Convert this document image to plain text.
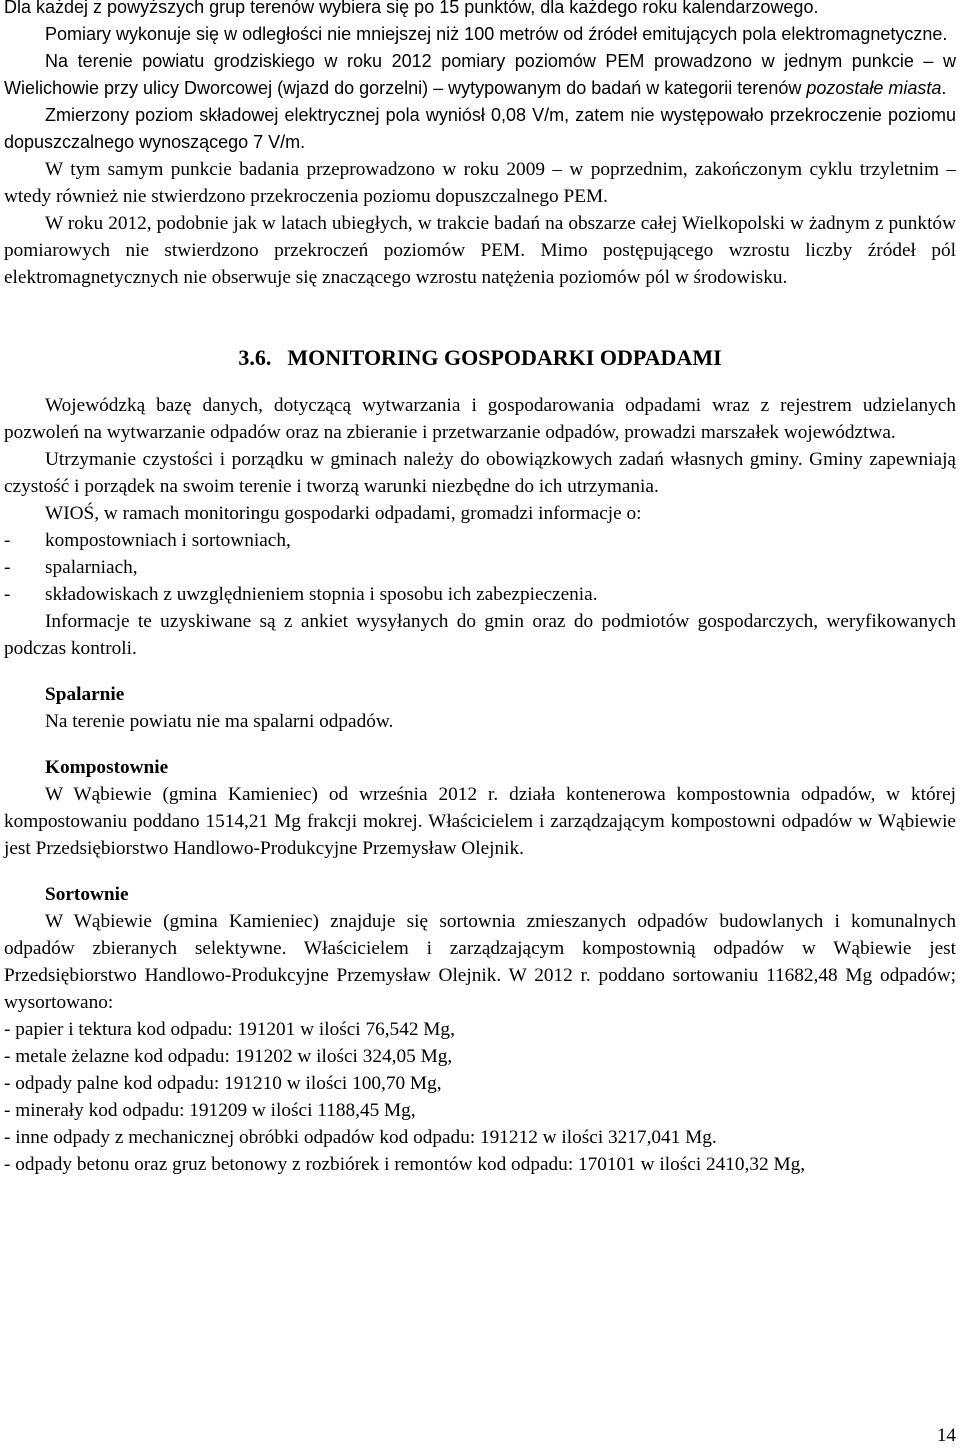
Dla każdej z powyższych grup terenów wybiera się po 15 punktów, dla każdego roku kalendarzowego.

Pomiary wykonuje się w odległości nie mniejszej niż 100 metrów od źródeł emitujących pola elektromagnetyczne.

Na terenie powiatu grodziskiego w roku 2012 pomiary poziomów PEM prowadzono w jednym punkcie – w Wielichowie przy ulicy Dworcowej (wjazd do gorzelni) – wytypowanym do badań w kategorii terenów pozostałe miasta.

Zmierzony poziom składowej elektrycznej pola wyniósł 0,08 V/m, zatem nie występowało przekroczenie poziomu dopuszczalnego wynoszącego 7 V/m.

W tym samym punkcie badania przeprowadzono w roku 2009 – w poprzednim, zakończonym cyklu trzyletnim – wtedy również nie stwierdzono przekroczenia poziomu dopuszczalnego PEM.

W roku 2012, podobnie jak w latach ubiegłych, w trakcie badań na obszarze całej Wielkopolski w żadnym z punktów pomiarowych nie stwierdzono przekroczeń poziomów PEM. Mimo postępującego wzrostu liczby źródeł pól elektromagnetycznych nie obserwuje się znaczącego wzrostu natężenia poziomów pól w środowisku.

3.6. MONITORING GOSPODARKI ODPADAMI

Wojewódzką bazę danych, dotyczącą wytwarzania i gospodarowania odpadami wraz z rejestrem udzielanych pozwoleń na wytwarzanie odpadów oraz na zbieranie i przetwarzanie odpadów, prowadzi marszałek województwa.

Utrzymanie czystości i porządku w gminach należy do obowiązkowych zadań własnych gminy. Gminy zapewniają czystość i porządek na swoim terenie i tworzą warunki niezbędne do ich utrzymania.

WIOŚ, w ramach monitoringu gospodarki odpadami, gromadzi informacje o:

-	kompostowniach i sortowniach,
-	spalarniach,
-	składowiskach z uwzględnieniem stopnia i sposobu ich zabezpieczenia.

Informacje te uzyskiwane są z ankiet wysyłanych do gmin oraz do podmiotów gospodarczych, weryfikowanych podczas kontroli.

Spalarnie

Na terenie powiatu nie ma spalarni odpadów.

Kompostownie

W Wąbiewie (gmina Kamieniec) od września 2012 r. działa kontenerowa kompostownia odpadów, w której kompostowaniu poddano 1514,21 Mg frakcji mokrej. Właścicielem i zarządzającym kompostowni odpadów w Wąbiewie jest Przedsiębiorstwo Handlowo-Produkcyjne Przemysław Olejnik.

Sortownie

W Wąbiewie (gmina Kamieniec) znajduje się sortownia zmieszanych odpadów budowlanych i komunalnych odpadów zbieranych selektywne. Właścicielem i zarządzającym kompostownią odpadów w Wąbiewie jest Przedsiębiorstwo Handlowo-Produkcyjne Przemysław Olejnik. W 2012 r. poddano sortowaniu 11682,48 Mg odpadów; wysortowano:

- papier i tektura kod odpadu: 191201 w ilości 76,542 Mg,

- metale żelazne kod odpadu: 191202 w ilości 324,05 Mg,

- odpady palne kod odpadu: 191210 w ilości 100,70 Mg,

- minerały kod odpadu: 191209 w ilości 1188,45 Mg,

- inne odpady z mechanicznej obróbki odpadów kod odpadu: 191212 w ilości 3217,041 Mg.

- odpady betonu oraz gruz betonowy z rozbiórek i remontów kod odpadu: 170101 w ilości 2410,32 Mg,

14
